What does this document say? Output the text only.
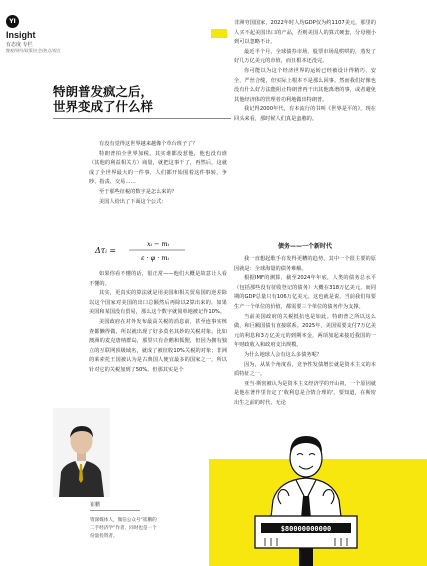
YI
Insight
有态度 专栏
微观/财经/政策/社会/热点/观点
特朗普发疯之后，
世界变成了什么样

有没有觉得这世界越来越像个草台班子了？

特朗普拍全世界加税。其实谁都没惹他，他也没有谁（其他的利益相关方）商量，就把这事干了，再然后，这就成了全世界最大的一件事，人们都开始围着这件事转，争吵、指责、交易……

至于那些征税的数字是怎么来的？

美国人给出了下面这个公式：

Δτᵢ =
xᵢ − mᵢ
ε · φ · mᵢ

如果你看不懂的话，很正常——他们大概是故意让人看不懂的。

其实，更真实的算法就是用美国和相关贸易国的逆差除以这个国家对美国的出口总额然后再除以2算出来的。如果美国和某国没有贸易，那么这个数字就简单地被记作10%。

美国政府在对外发布最高关税的消息前，甚至连事实核查都懒得做，所以就出现了好多莫名其妙的关税对象。比如澳洲的麦克唐纳群岛，那里只有企鹅和狐狸，但因为拥有独立的互联网顶级域名，就成了被征收10%关税的对象；非洲的莱索托王国被认为是古典国人便宜最多的国家之一，所以针对它的关税加到了50%。但那其实是个

非洲穷国国家，2022年时人均GDP仅为约1107美元，那里的人买不起美国出口的产品，否则美国人的算式硬套，分母刚小到可以忽略不计。

最近半个月，全球债券市场、股票市场乱哄哄的，蒸发了好几万亿美元的市值，而且根本还没完。

你可能以为这个经济世界的运转已经被设计得精巧、安全、严丝合缝，但实际上根本不是那么回事。然而我们好像也没有什么好方法能阻止特朗普再干出其他离谱的事，或者避免其他经济体的管理者功利地做出特朗普。

我记得2000年代，有本流行的书叫《世界是平的》，现在回头来看，那时候人们真是蛮憨的。

债务——一个新时代

我一直想起歌手有发得更糟的趋势，其中一个很主要的原因就是：全球海量的债务难解。

根据IMF的测算，截至2024年年底，人类的债务总水平（包括那些没有征收登记的债务）大概在318万亿美元，而同期的GDP总量只有106万亿美元。这也就是说，当前我们每要生产一个单位的价值，都需要三个单位的债务作为支撑。

当前美国政府的关税抵抗也是如此。特朗普之所以这么做，和巨额国债有直接联系。2025年，美国需要支付7万亿美元的利息和3万亿美元的到期本金，两项加起来接近我国的一年财政收入和政府支出规模。

为什么地球人会有这么多债务呢？

因为，从某个角度看，竞争性发债增长就是资本主义的本质特征之一。

亚当·斯密被认为是资本主义经济学的开山祖，一个原因就是他在著作里肯定了'收利息是合情合理的'。要知道，在斯密出生之前的时代，无论

崔鹏
资深媒体人，微信公众号“崔鹏的二手经济学”作者，同时也是一个份量投资者。
$80000000000
